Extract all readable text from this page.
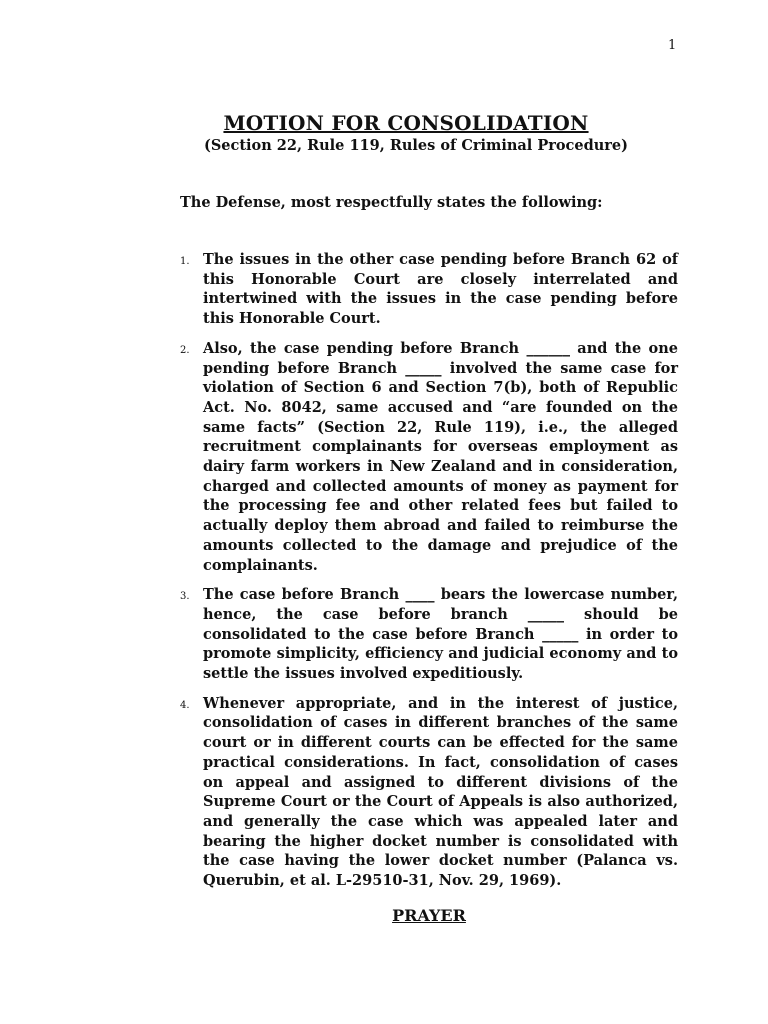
1
MOTION FOR CONSOLIDATION
(Section 22, Rule 119, Rules of Criminal Procedure)
The Defense, most respectfully states the following:
1. The issues in the other case pending before Branch 62 of this Honorable Court are closely interrelated and intertwined with the issues in the case pending before this Honorable Court.
2. Also, the case pending before Branch ______ and the one pending before Branch _____ involved the same case for violation of Section 6 and Section 7(b), both of Republic Act. No. 8042, same accused and “are founded on the same facts” (Section 22, Rule 119), i.e., the alleged recruitment complainants for overseas employment as dairy farm workers in New Zealand and in consideration, charged and collected amounts of money as payment for the processing fee and other related fees but failed to actually deploy them abroad and failed to reimburse the amounts collected to the damage and prejudice of the complainants.
3. The case before Branch ____ bears the lowercase number, hence, the case before branch _____ should be consolidated to the case before Branch _____ in order to promote simplicity, efficiency and judicial economy and to settle the issues involved expeditiously.
4. Whenever appropriate, and in the interest of justice, consolidation of cases in different branches of the same court or in different courts can be effected for the same practical considerations. In fact, consolidation of cases on appeal and assigned to different divisions of the Supreme Court or the Court of Appeals is also authorized, and generally the case which was appealed later and bearing the higher docket number is consolidated with the case having the lower docket number (Palanca vs. Querubin, et al. L-29510-31, Nov. 29, 1969).
PRAYER
